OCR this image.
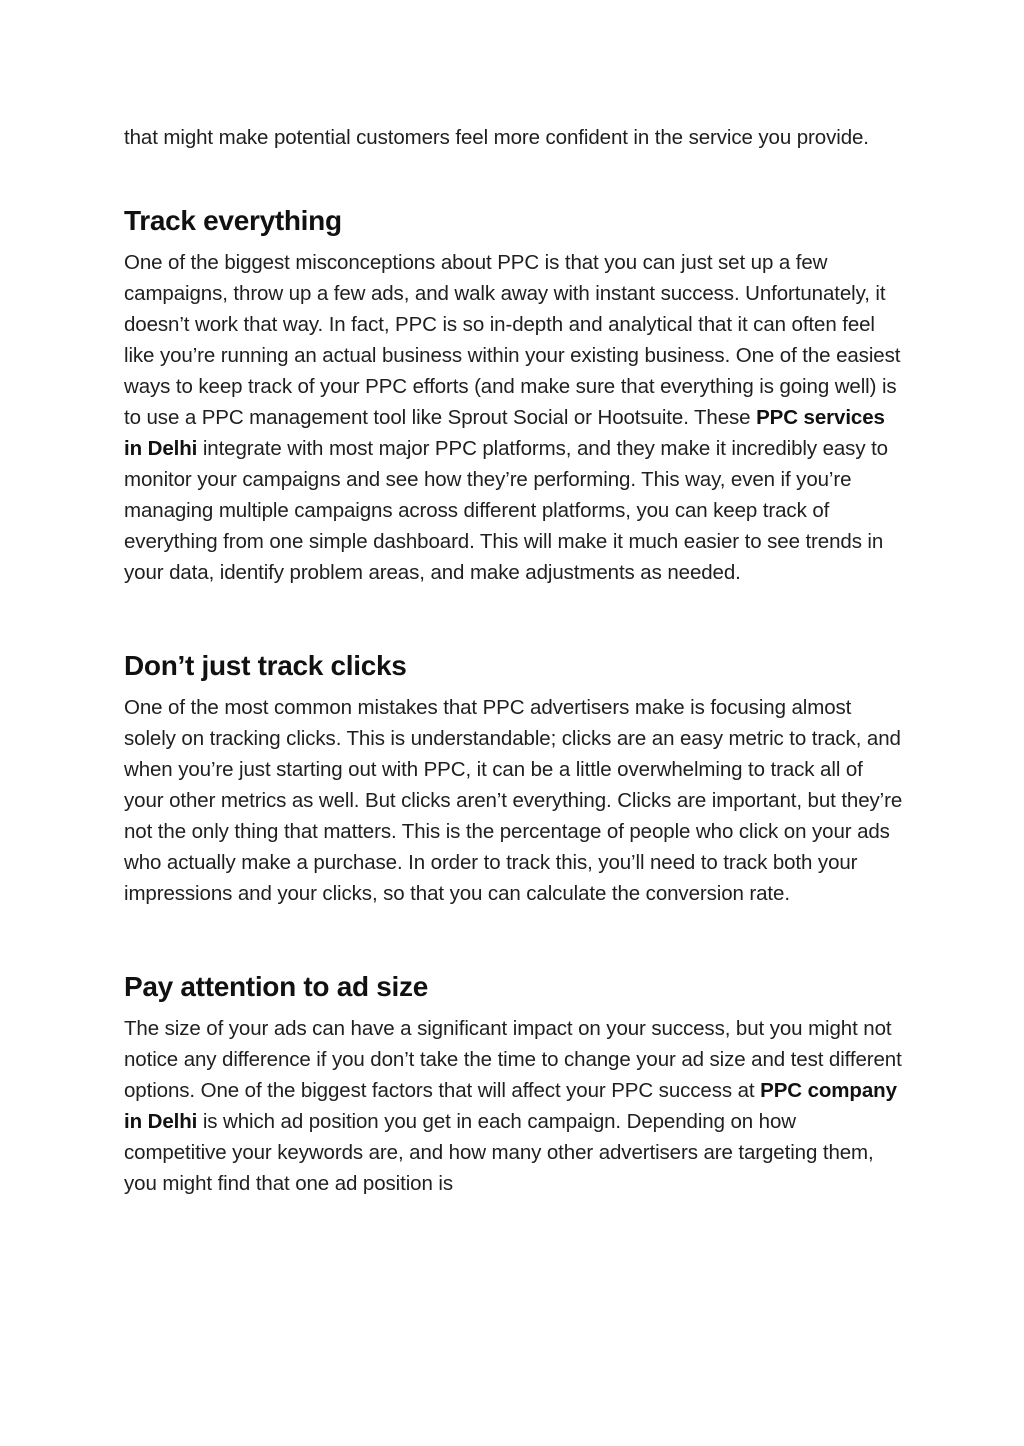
that might make potential customers feel more confident in the service you provide.

Track everything

One of the biggest misconceptions about PPC is that you can just set up a few campaigns, throw up a few ads, and walk away with instant success. Unfortunately, it doesn’t work that way. In fact, PPC is so in-depth and analytical that it can often feel like you’re running an actual business within your existing business. One of the easiest ways to keep track of your PPC efforts (and make sure that everything is going well) is to use a PPC management tool like Sprout Social or Hootsuite. These PPC services in Delhi integrate with most major PPC platforms, and they make it incredibly easy to monitor your campaigns and see how they’re performing. This way, even if you’re managing multiple campaigns across different platforms, you can keep track of everything from one simple dashboard. This will make it much easier to see trends in your data, identify problem areas, and make adjustments as needed.

Don’t just track clicks

One of the most common mistakes that PPC advertisers make is focusing almost solely on tracking clicks. This is understandable; clicks are an easy metric to track, and when you’re just starting out with PPC, it can be a little overwhelming to track all of your other metrics as well. But clicks aren’t everything. Clicks are important, but they’re not the only thing that matters. This is the percentage of people who click on your ads who actually make a purchase. In order to track this, you’ll need to track both your impressions and your clicks, so that you can calculate the conversion rate.

Pay attention to ad size

The size of your ads can have a significant impact on your success, but you might not notice any difference if you don’t take the time to change your ad size and test different options. One of the biggest factors that will affect your PPC success at PPC company in Delhi is which ad position you get in each campaign. Depending on how competitive your keywords are, and how many other advertisers are targeting them, you might find that one ad position is
